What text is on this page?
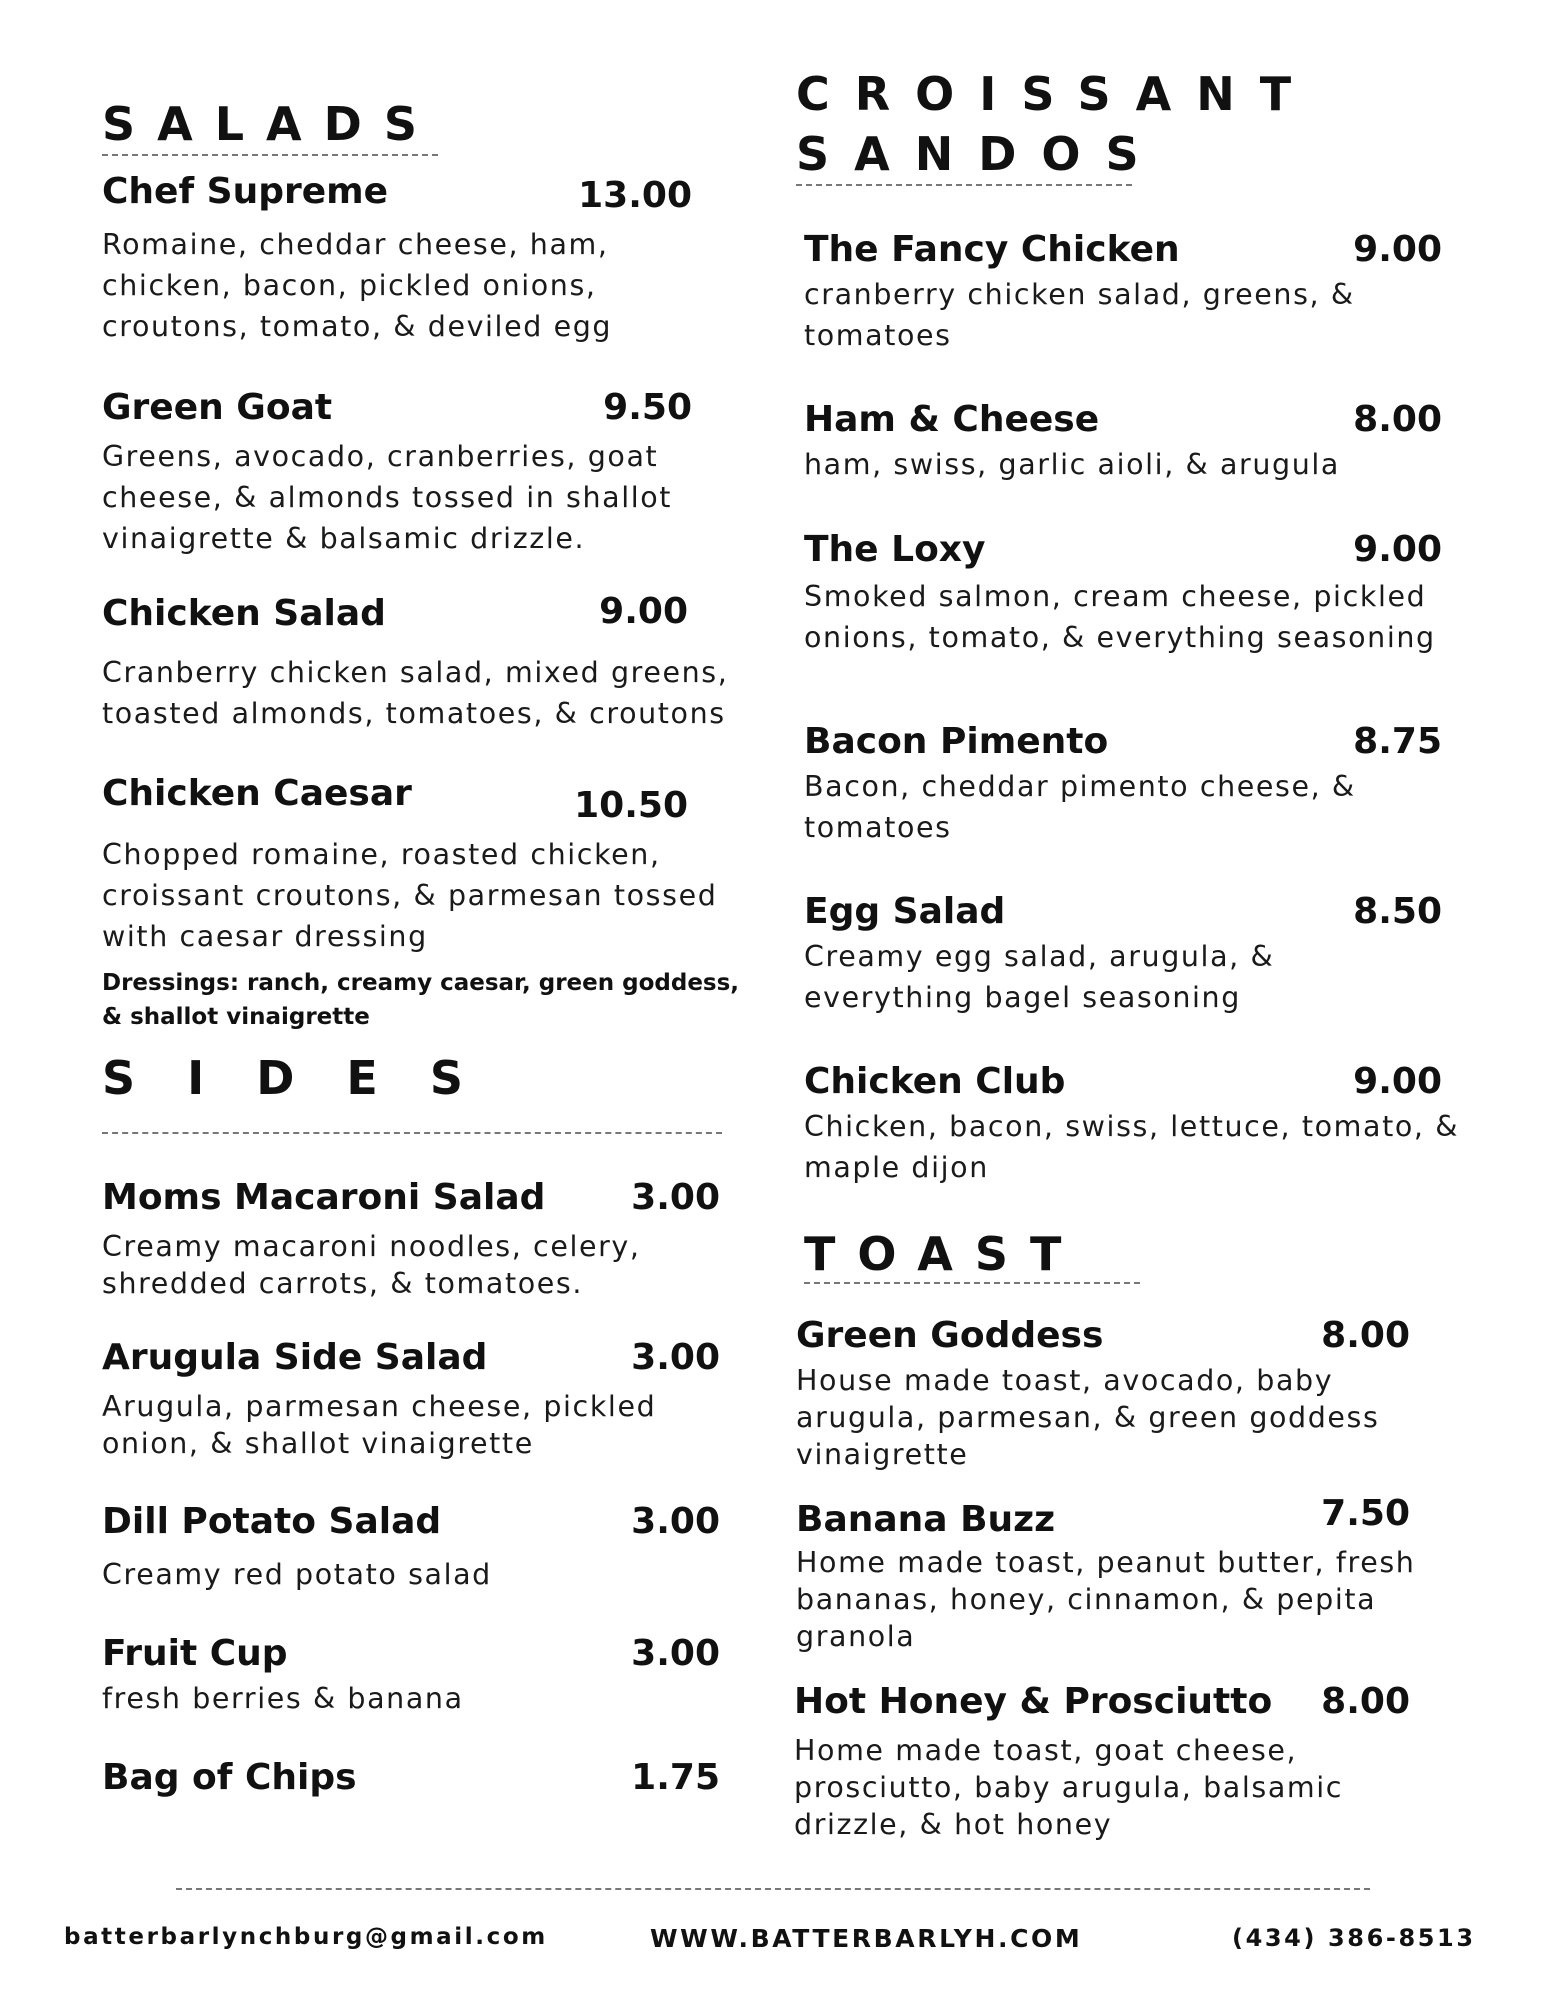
SALADS
Chef Supreme	13.00
Romaine, cheddar cheese, ham, chicken, bacon, pickled onions, croutons, tomato, & deviled egg
Green Goat	9.50
Greens, avocado, cranberries, goat cheese, & almonds tossed in shallot vinaigrette & balsamic drizzle.
Chicken Salad	9.00
Cranberry chicken salad, mixed greens, toasted almonds, tomatoes, & croutons
Chicken Caesar	10.50
Chopped romaine, roasted chicken, croissant croutons, & parmesan tossed with caesar dressing
Dressings: ranch, creamy caesar, green goddess, & shallot vinaigrette
SIDES
Moms Macaroni Salad	3.00
Creamy macaroni noodles, celery, shredded carrots, & tomatoes.
Arugula Side Salad	3.00
Arugula, parmesan cheese, pickled onion, & shallot vinaigrette
Dill Potato Salad	3.00
Creamy red potato salad
Fruit Cup	3.00
fresh berries & banana
Bag of Chips	1.75
CROISSANT
SANDOS
The Fancy Chicken	9.00
cranberry chicken salad, greens, & tomatoes
Ham & Cheese	8.00
ham, swiss, garlic aioli, & arugula
The Loxy	9.00
Smoked salmon, cream cheese, pickled onions, tomato, & everything seasoning
Bacon Pimento	8.75
Bacon, cheddar pimento cheese, & tomatoes
Egg Salad	8.50
Creamy egg salad, arugula, & everything bagel seasoning
Chicken Club	9.00
Chicken, bacon, swiss, lettuce, tomato, & maple dijon
TOAST
Green Goddess	8.00
House made toast, avocado, baby arugula, parmesan, & green goddess vinaigrette
Banana Buzz	7.50
Home made toast, peanut butter, fresh bananas, honey, cinnamon, & pepita granola
Hot Honey & Prosciutto	8.00
Home made toast, goat cheese, prosciutto, baby arugula, balsamic drizzle, & hot honey
batterbarlynchburg@gmail.com	WWW.BATTERBARLYH.COM	(434) 386-8513
